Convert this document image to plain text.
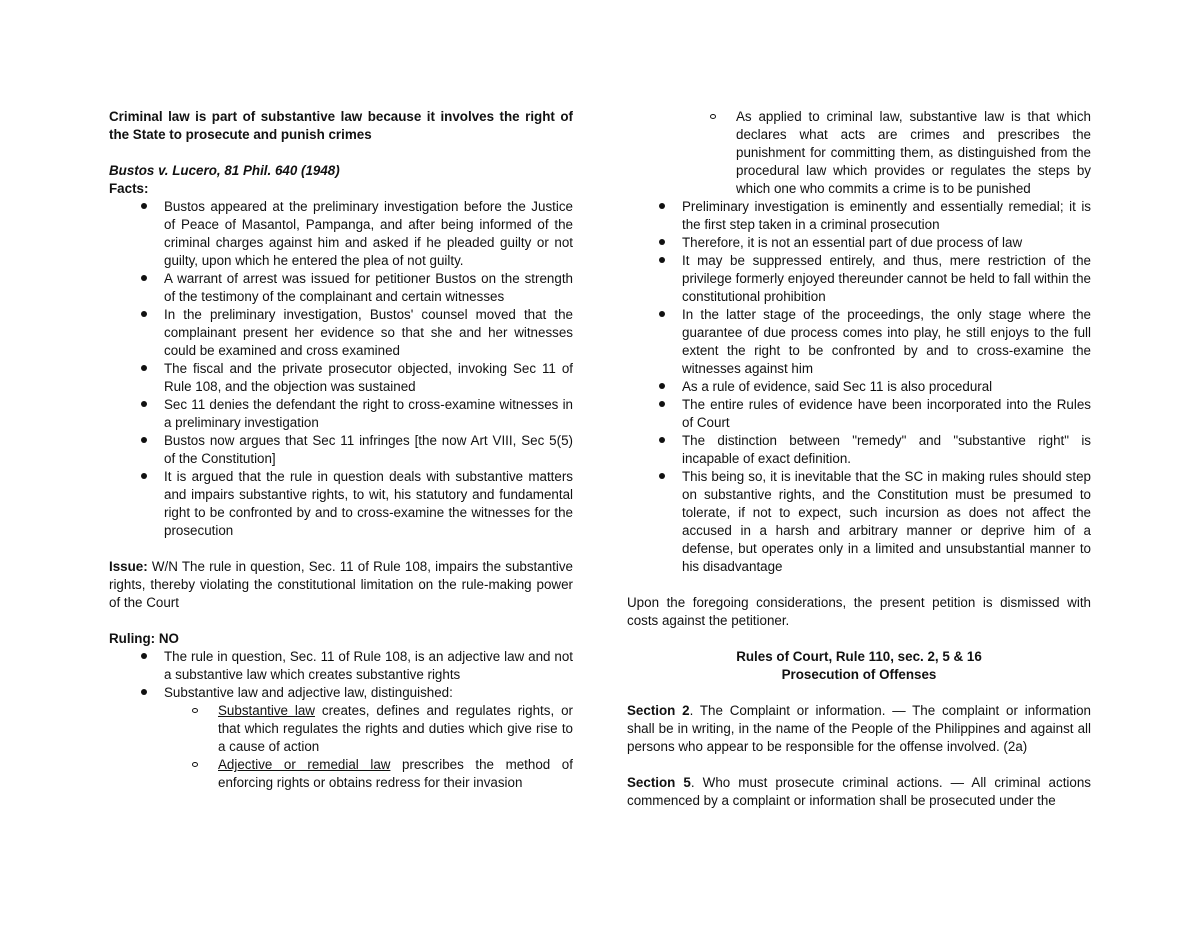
Criminal law is part of substantive law because it involves the right of the State to prosecute and punish crimes

Bustos v. Lucero, 81 Phil. 640 (1948)

Facts:

Bustos appeared at the preliminary investigation before the Justice of Peace of Masantol, Pampanga, and after being informed of the criminal charges against him and asked if he pleaded guilty or not guilty, upon which he entered the plea of not guilty.
A warrant of arrest was issued for petitioner Bustos on the strength of the testimony of the complainant and certain witnesses
In the preliminary investigation, Bustos' counsel moved that the complainant present her evidence so that she and her witnesses could be examined and cross examined
The fiscal and the private prosecutor objected, invoking Sec 11 of Rule 108, and the objection was sustained
Sec 11 denies the defendant the right to cross-examine witnesses in a preliminary investigation
Bustos now argues that Sec 11 infringes [the now Art VIII, Sec 5(5) of the Constitution]
It is argued that the rule in question deals with substantive matters and impairs substantive rights, to wit, his statutory and fundamental right to be confronted by and to cross-examine the witnesses for the prosecution

Issue: W/N The rule in question, Sec. 11 of Rule 108, impairs the substantive rights, thereby violating the constitutional limitation on the rule-making power of the Court

Ruling: NO

The rule in question, Sec. 11 of Rule 108, is an adjective law and not a substantive law which creates substantive rights
Substantive law and adjective law, distinguished:
Substantive law creates, defines and regulates rights, or that which regulates the rights and duties which give rise to a cause of action
Adjective or remedial law prescribes the method of enforcing rights or obtains redress for their invasion
As applied to criminal law, substantive law is that which declares what acts are crimes and prescribes the punishment for committing them, as distinguished from the procedural law which provides or regulates the steps by which one who commits a crime is to be punished
Preliminary investigation is eminently and essentially remedial; it is the first step taken in a criminal prosecution
Therefore, it is not an essential part of due process of law
It may be suppressed entirely, and thus, mere restriction of the privilege formerly enjoyed thereunder cannot be held to fall within the constitutional prohibition
In the latter stage of the proceedings, the only stage where the guarantee of due process comes into play, he still enjoys to the full extent the right to be confronted by and to cross-examine the witnesses against him
As a rule of evidence, said Sec 11 is also procedural
The entire rules of evidence have been incorporated into the Rules of Court
The distinction between "remedy" and "substantive right" is incapable of exact definition.
This being so, it is inevitable that the SC in making rules should step on substantive rights, and the Constitution must be presumed to tolerate, if not to expect, such incursion as does not affect the accused in a harsh and arbitrary manner or deprive him of a defense, but operates only in a limited and unsubstantial manner to his disadvantage

Upon the foregoing considerations, the present petition is dismissed with costs against the petitioner.

Rules of Court, Rule 110, sec. 2, 5 & 16

Prosecution of Offenses

Section 2. The Complaint or information. — The complaint or information shall be in writing, in the name of the People of the Philippines and against all persons who appear to be responsible for the offense involved. (2a)

Section 5. Who must prosecute criminal actions. — All criminal actions commenced by a complaint or information shall be prosecuted under the
